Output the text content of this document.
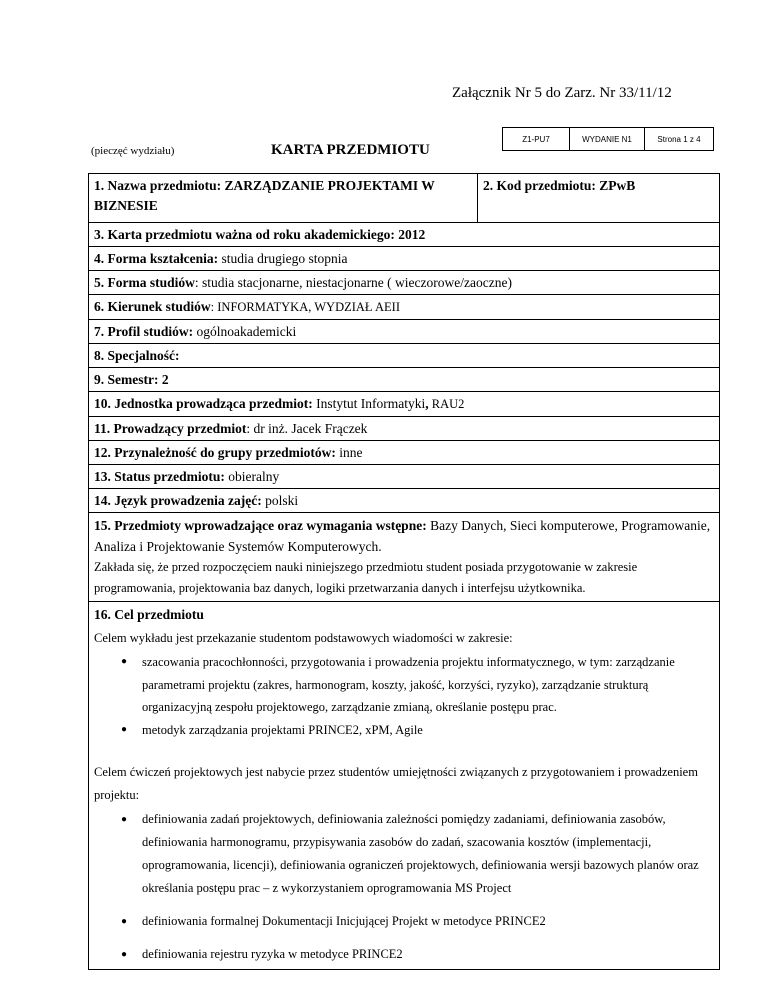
Załącznik Nr 5 do Zarz. Nr 33/11/12
Z1-PU7	WYDANIE N1	Strona 1 z 4
(pieczęć wydziału)	KARTA PRZEDMIOTU
1. Nazwa przedmiotu: ZARZĄDZANIE PROJEKTAMI W BIZNESIE	2. Kod przedmiotu: ZPwB
3. Karta przedmiotu ważna od roku akademickiego: 2012
4. Forma kształcenia: studia drugiego stopnia
5. Forma studiów: studia stacjonarne, niestacjonarne ( wieczorowe/zaoczne)
6. Kierunek studiów: INFORMATYKA, WYDZIAŁ AEII
7. Profil studiów: ogólnoakademicki
8. Specjalność:
9. Semestr: 2
10. Jednostka prowadząca przedmiot: Instytut Informatyki, RAU2
11. Prowadzący przedmiot: dr inż. Jacek Frączek
12. Przynależność do grupy przedmiotów: inne
13. Status przedmiotu: obieralny
14. Język prowadzenia zajęć: polski
15. Przedmioty wprowadzające oraz wymagania wstępne: Bazy Danych, Sieci komputerowe, Programowanie, Analiza i Projektowanie Systemów Komputerowych.
Zakłada się, że przed rozpoczęciem nauki niniejszego przedmiotu student posiada przygotowanie w zakresie programowania, projektowania baz danych, logiki przetwarzania danych i interfejsu użytkownika.

16. Cel przedmiotu
Celem wykładu jest przekazanie studentom podstawowych wiadomości w zakresie:
● szacowania pracochłonności, przygotowania i prowadzenia projektu informatycznego, w tym: zarządzanie parametrami projektu (zakres, harmonogram, koszty, jakość, korzyści, ryzyko), zarządzanie strukturą organizacyjną zespołu projektowego, zarządzanie zmianą, określanie postępu prac.
● metodyk zarządzania projektami PRINCE2, xPM, Agile
Celem ćwiczeń projektowych jest nabycie przez studentów umiejętności związanych z przygotowaniem i prowadzeniem projektu:
● definiowania zadań projektowych, definiowania zależności pomiędzy zadaniami, definiowania zasobów, definiowania harmonogramu, przypisywania zasobów do zadań, szacowania kosztów (implementacji, oprogramowania, licencji), definiowania ograniczeń projektowych, definiowania wersji bazowych planów oraz określania postępu prac – z wykorzystaniem oprogramowania MS Project
● definiowania formalnej Dokumentacji Inicjującej Projekt w metodyce PRINCE2
● definiowania rejestru ryzyka w metodyce PRINCE2
